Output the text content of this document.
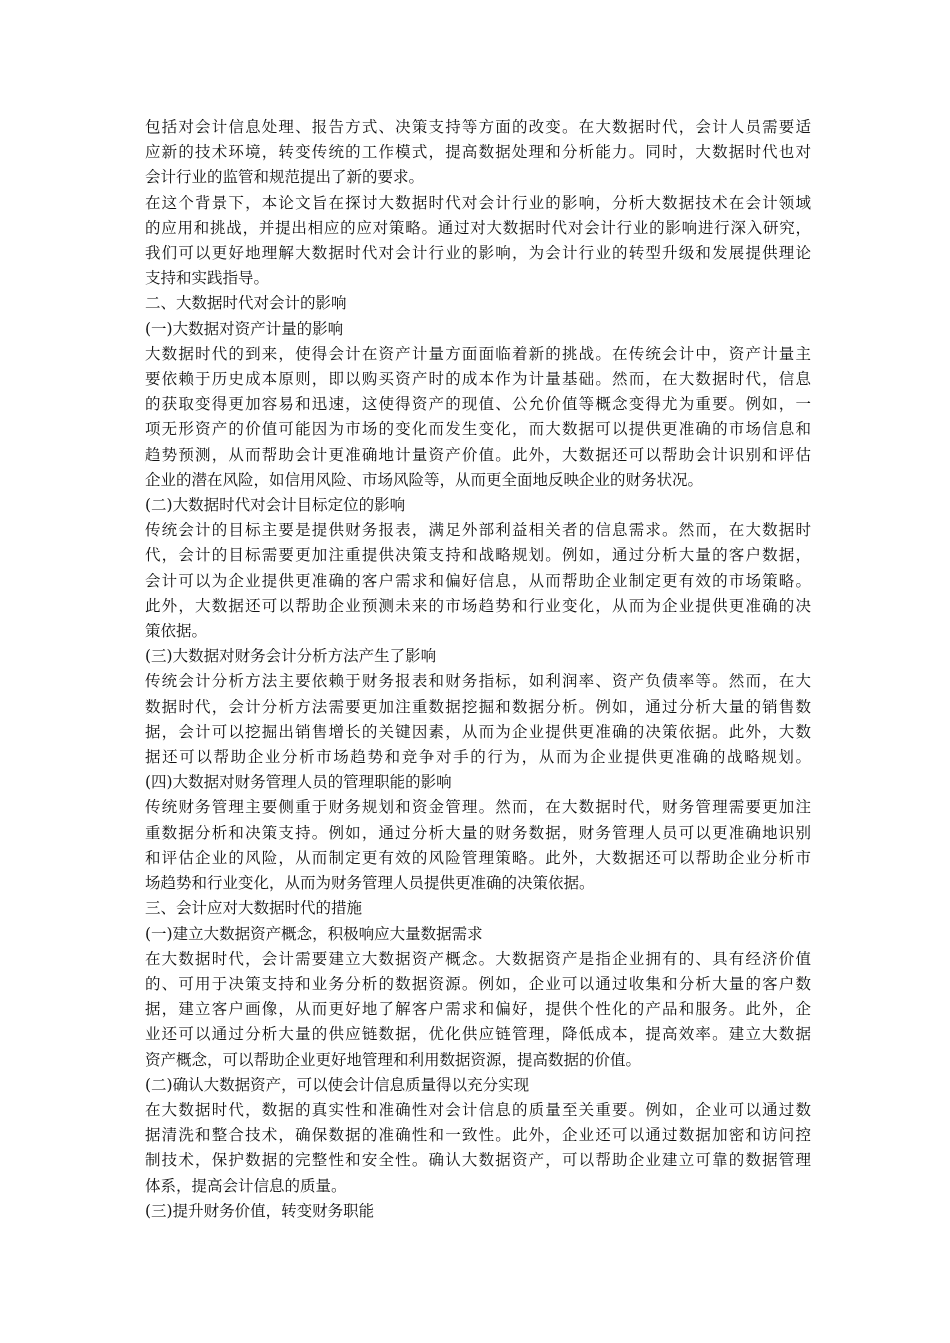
包括对会计信息处理、报告方式、决策支持等方面的改变。在大数据时代，会计人员需要适
应新的技术环境，转变传统的工作模式，提高数据处理和分析能力。同时，大数据时代也对
会计行业的监管和规范提出了新的要求。
在这个背景下，本论文旨在探讨大数据时代对会计行业的影响，分析大数据技术在会计领域
的应用和挑战，并提出相应的应对策略。通过对大数据时代对会计行业的影响进行深入研究，
我们可以更好地理解大数据时代对会计行业的影响，为会计行业的转型升级和发展提供理论
支持和实践指导。
二、大数据时代对会计的影响
(一)大数据对资产计量的影响
大数据时代的到来，使得会计在资产计量方面面临着新的挑战。在传统会计中，资产计量主
要依赖于历史成本原则，即以购买资产时的成本作为计量基础。然而，在大数据时代，信息
的获取变得更加容易和迅速，这使得资产的现值、公允价值等概念变得尤为重要。例如，一
项无形资产的价值可能因为市场的变化而发生变化，而大数据可以提供更准确的市场信息和
趋势预测，从而帮助会计更准确地计量资产价值。此外，大数据还可以帮助会计识别和评估
企业的潜在风险，如信用风险、市场风险等，从而更全面地反映企业的财务状况。
(二)大数据时代对会计目标定位的影响
传统会计的目标主要是提供财务报表，满足外部利益相关者的信息需求。然而，在大数据时
代，会计的目标需要更加注重提供决策支持和战略规划。例如，通过分析大量的客户数据，
会计可以为企业提供更准确的客户需求和偏好信息，从而帮助企业制定更有效的市场策略。
此外，大数据还可以帮助企业预测未来的市场趋势和行业变化，从而为企业提供更准确的决
策依据。
(三)大数据对财务会计分析方法产生了影响
传统会计分析方法主要依赖于财务报表和财务指标，如利润率、资产负债率等。然而，在大
数据时代，会计分析方法需要更加注重数据挖掘和数据分析。例如，通过分析大量的销售数
据，会计可以挖掘出销售增长的关键因素，从而为企业提供更准确的决策依据。此外，大数
据还可以帮助企业分析市场趋势和竞争对手的行为，从而为企业提供更准确的战略规划。
(四)大数据对财务管理人员的管理职能的影响
传统财务管理主要侧重于财务规划和资金管理。然而，在大数据时代，财务管理需要更加注
重数据分析和决策支持。例如，通过分析大量的财务数据，财务管理人员可以更准确地识别
和评估企业的风险，从而制定更有效的风险管理策略。此外，大数据还可以帮助企业分析市
场趋势和行业变化，从而为财务管理人员提供更准确的决策依据。
三、会计应对大数据时代的措施
(一)建立大数据资产概念，积极响应大量数据需求
在大数据时代，会计需要建立大数据资产概念。大数据资产是指企业拥有的、具有经济价值
的、可用于决策支持和业务分析的数据资源。例如，企业可以通过收集和分析大量的客户数
据，建立客户画像，从而更好地了解客户需求和偏好，提供个性化的产品和服务。此外，企
业还可以通过分析大量的供应链数据，优化供应链管理，降低成本，提高效率。建立大数据
资产概念，可以帮助企业更好地管理和利用数据资源，提高数据的价值。
(二)确认大数据资产，可以使会计信息质量得以充分实现
在大数据时代，数据的真实性和准确性对会计信息的质量至关重要。例如，企业可以通过数
据清洗和整合技术，确保数据的准确性和一致性。此外，企业还可以通过数据加密和访问控
制技术，保护数据的完整性和安全性。确认大数据资产，可以帮助企业建立可靠的数据管理
体系，提高会计信息的质量。
(三)提升财务价值，转变财务职能
